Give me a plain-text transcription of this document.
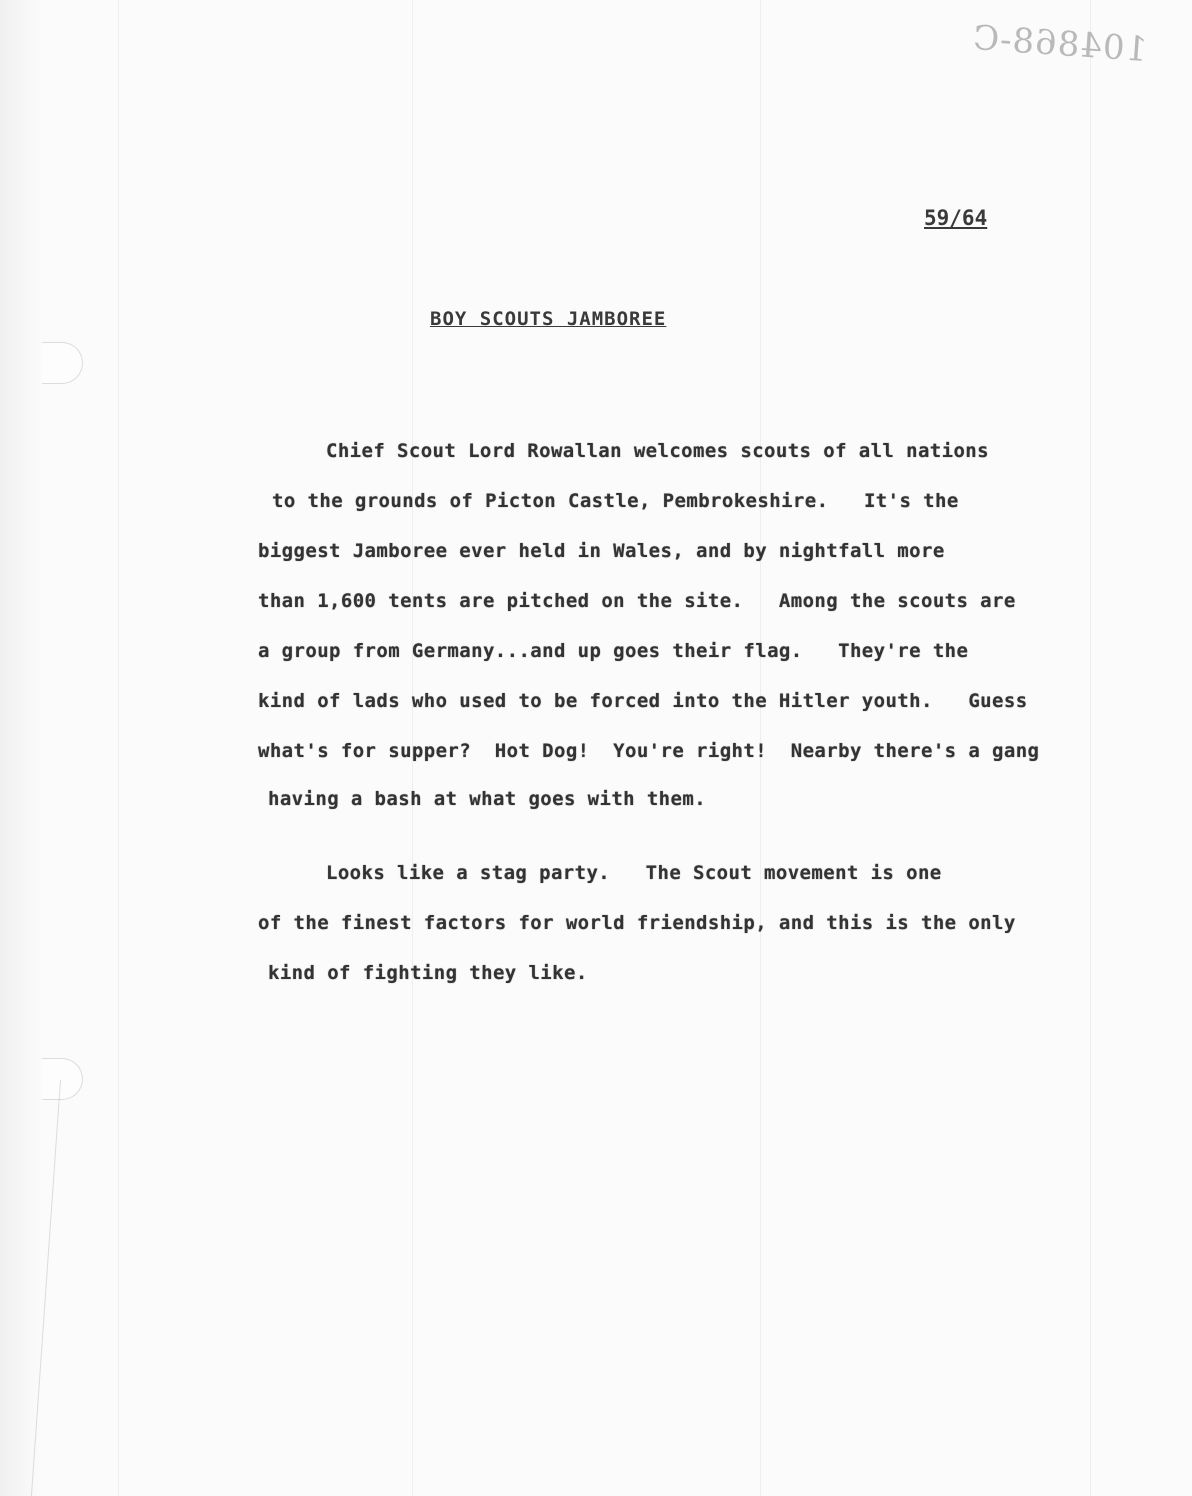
104868-C
59/64
BOY SCOUTS JAMBOREE
Chief Scout Lord Rowallan welcomes scouts of all nations
to the grounds of Picton Castle, Pembrokeshire.   It's the
biggest Jamboree ever held in Wales, and by nightfall more
than 1,600 tents are pitched on the site.   Among the scouts are
a group from Germany...and up goes their flag.   They're the
kind of lads who used to be forced into the Hitler youth.   Guess
what's for supper?  Hot Dog!  You're right!  Nearby there's a gang
having a bash at what goes with them.
Looks like a stag party.   The Scout movement is one
of the finest factors for world friendship, and this is the only
kind of fighting they like.
